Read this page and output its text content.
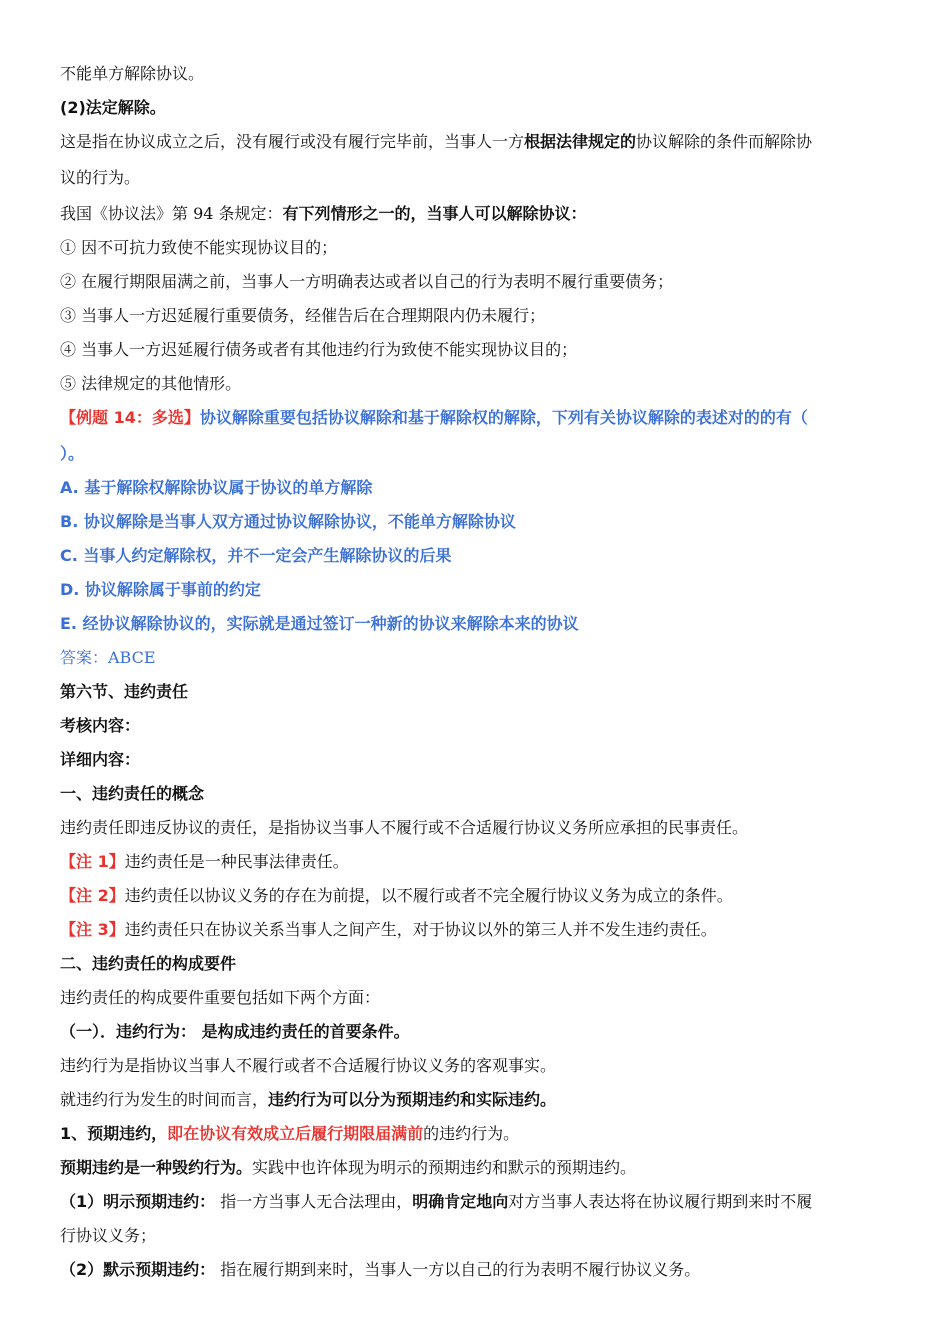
不能单方解除协议。
(2)法定解除。
这是指在协议成立之后，没有履行或没有履行完毕前，当事人一方根据法律规定的协议解除的条件而解除协
议的行为。
我国《协议法》第 94 条规定：有下列情形之一的，当事人可以解除协议：
① 因不可抗力致使不能实现协议目的；
② 在履行期限届满之前，当事人一方明确表达或者以自己的行为表明不履行重要债务；
③ 当事人一方迟延履行重要债务，经催告后在合理期限内仍未履行；
④ 当事人一方迟延履行债务或者有其他违约行为致使不能实现协议目的；
⑤ 法律规定的其他情形。
【例题 14：多选】协议解除重要包括协议解除和基于解除权的解除，下列有关协议解除的表述对的的有（
）。
A. 基于解除权解除协议属于协议的单方解除
B. 协议解除是当事人双方通过协议解除协议，不能单方解除协议
C. 当事人约定解除权，并不一定会产生解除协议的后果
D. 协议解除属于事前的约定
E. 经协议解除协议的，实际就是通过签订一种新的协议来解除本来的协议
答案：ABCE
第六节、违约责任
考核内容：
详细内容：
一、违约责任的概念
违约责任即违反协议的责任，是指协议当事人不履行或不合适履行协议义务所应承担的民事责任。
【注 1】违约责任是一种民事法律责任。
【注 2】违约责任以协议义务的存在为前提，以不履行或者不完全履行协议义务为成立的条件。
【注 3】违约责任只在协议关系当事人之间产生，对于协议以外的第三人并不发生违约责任。
二、违约责任的构成要件
违约责任的构成要件重要包括如下两个方面：
（一）．违约行为： 是构成违约责任的首要条件。
违约行为是指协议当事人不履行或者不合适履行协议义务的客观事实。
就违约行为发生的时间而言，违约行为可以分为预期违约和实际违约。
1、预期违约，即在协议有效成立后履行期限届满前的违约行为。
预期违约是一种毁约行为。实践中也许体现为明示的预期违约和默示的预期违约。
（1）明示预期违约： 指一方当事人无合法理由，明确肯定地向对方当事人表达将在协议履行期到来时不履
行协议义务；
（2）默示预期违约： 指在履行期到来时，当事人一方以自己的行为表明不履行协议义务。
